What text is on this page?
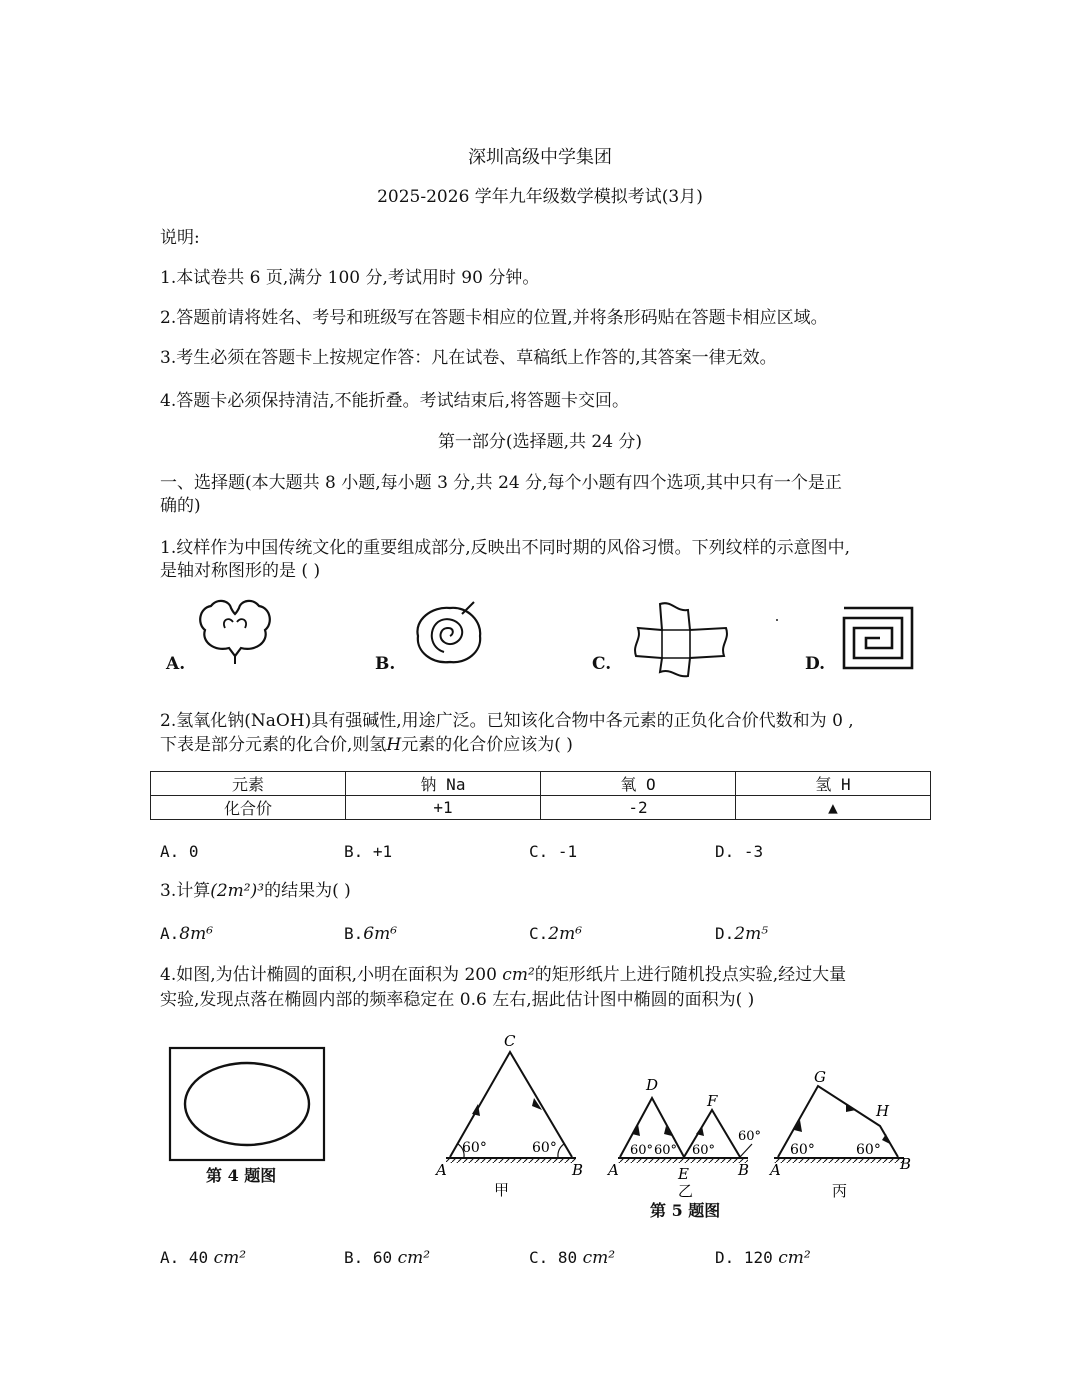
深圳高级中学集团
2025-2026 学年九年级数学模拟考试(3月)
说明:
1.本试卷共 6 页,满分 100 分,考试用时 90 分钟。
2.答题前请将姓名、考号和班级写在答题卡相应的位置,并将条形码贴在答题卡相应区域。
3.考生必须在答题卡上按规定作答：凡在试卷、草稿纸上作答的,其答案一律无效。
4.答题卡必须保持清洁,不能折叠。考试结束后,将答题卡交回。
第一部分(选择题,共 24 分)
一、选择题(本大题共 8 小题,每小题 3 分,共 24 分,每个小题有四个选项,其中只有一个是正
确的)
1.纹样作为中国传统文化的重要组成部分,反映出不同时期的风俗习惯。下列纹样的示意图中,
是轴对称图形的是 ( )
A.	B.	C.	D.
2.氢氧化钠(NaOH)具有强碱性,用途广泛。已知该化合物中各元素的正负化合价代数和为 0 ,
下表是部分元素的化合价,则氢H元素的化合价应该为( )
元素	钠 Na	氧 O	氢 H
化合价	+1	-2	▲
A. 0	B. +1	C. -1	D. -3
3.计算(2m²)³的结果为( )
A.8m⁶	B.6m⁶	C.2m⁶	D.2m⁵
4.如图,为估计椭圆的面积,小明在面积为 200 cm²的矩形纸片上进行随机投点实验,经过大量
实验,发现点落在椭圆内部的频率稳定在 0.6 左右,据此估计图中椭圆的面积为( )
第 4 题图
C
A	B
60°	60°
甲
D
F
A	E	B
60° 60° 60°
60°
乙
G
H
A	B
60°	60°
丙
第 5 题图
A. 40 cm²	B. 60 cm²	C. 80 cm²	D. 120 cm²
